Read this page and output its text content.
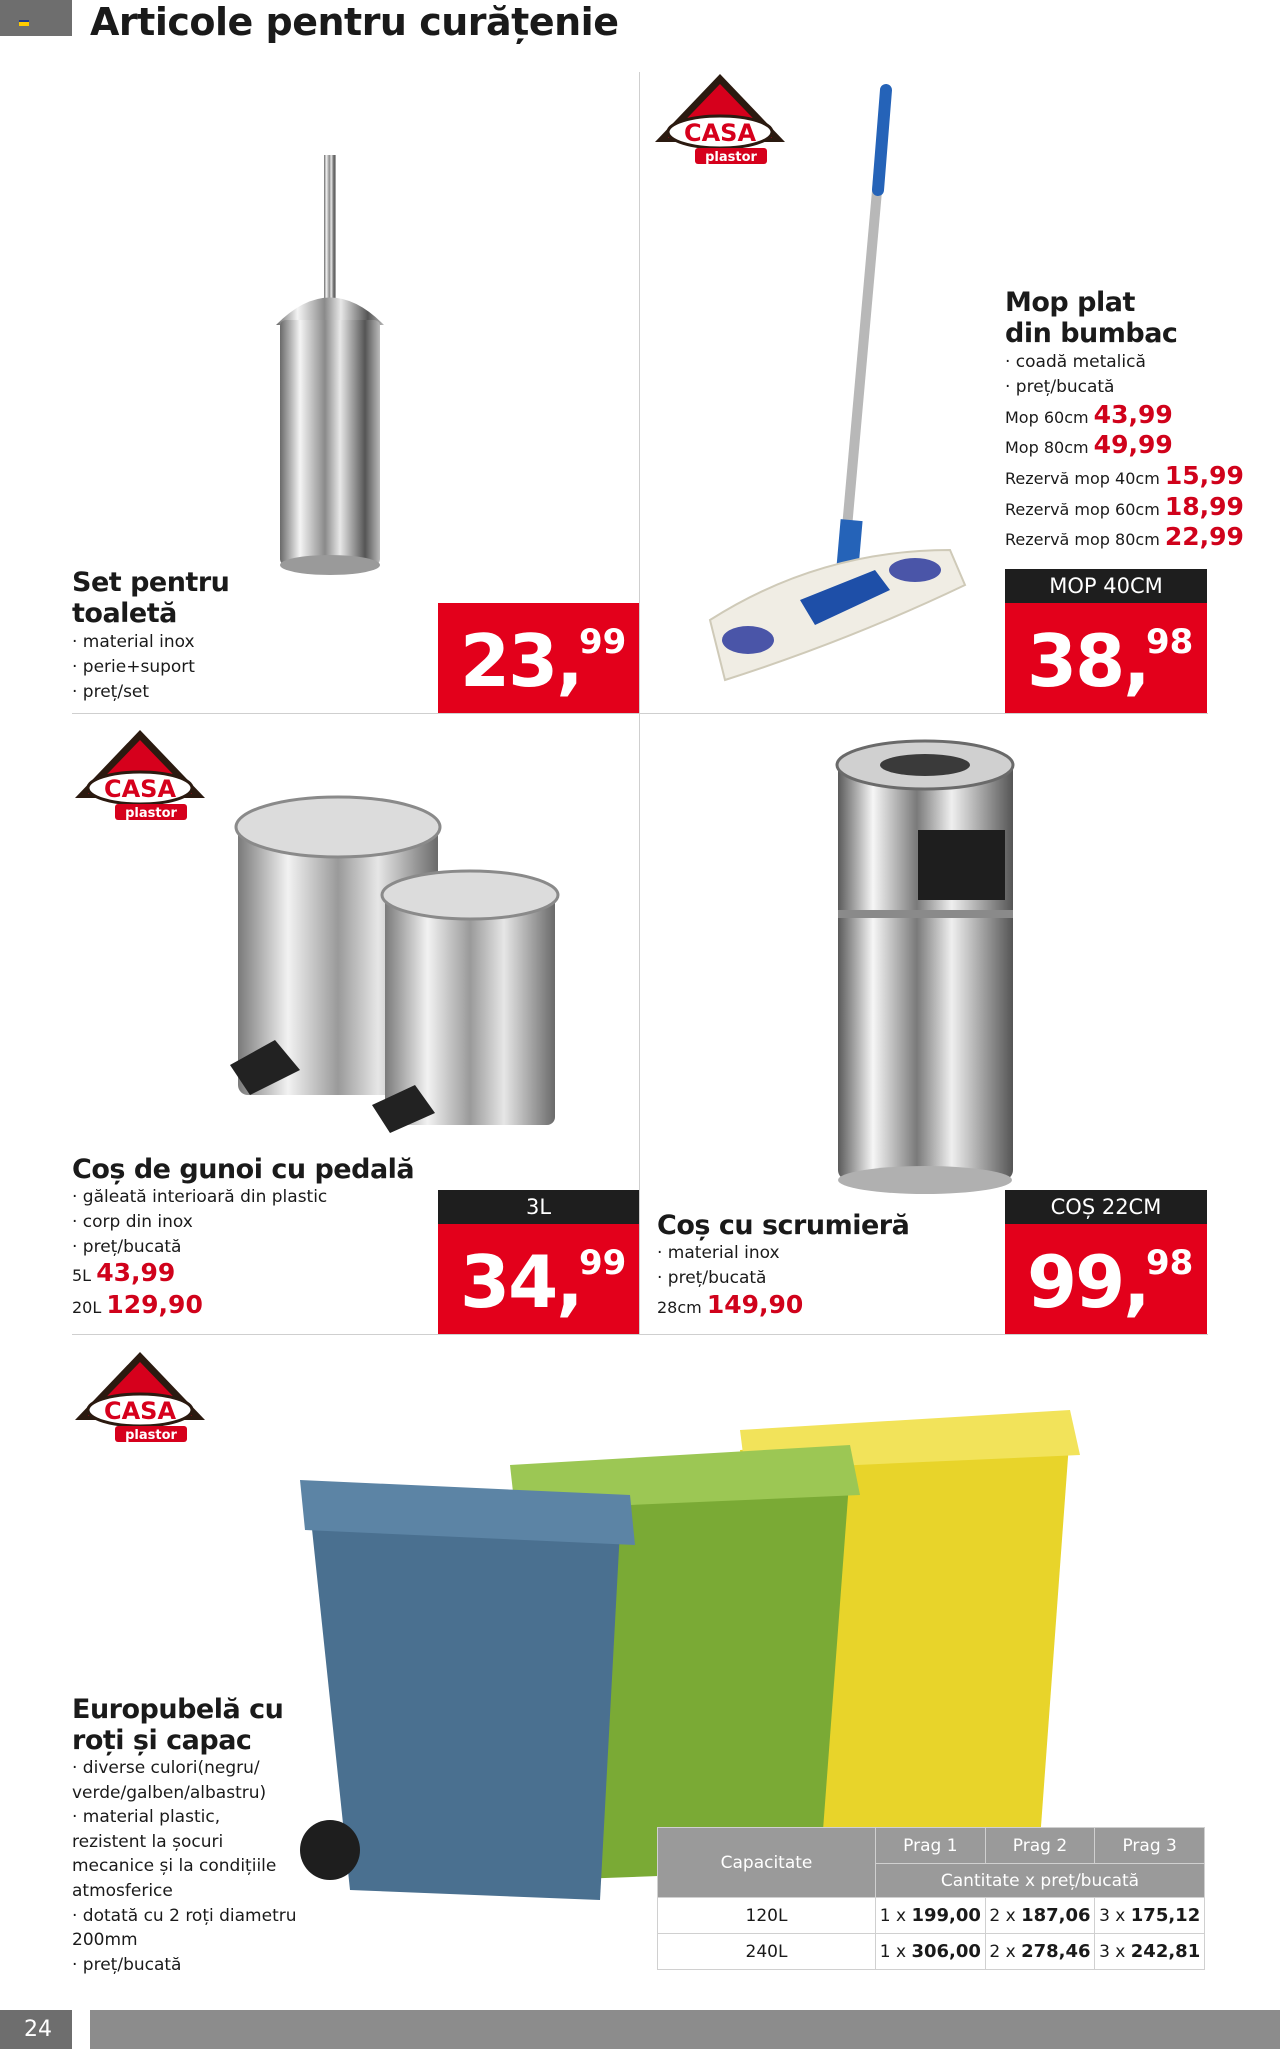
Articole pentru curățenie
Set pentru
toaletă
· material inox
· perie+suport
· preț/set	23,
99
CASA
plastor
Mop plat
din bumbac
· coadă metalică
· preț/bucată
Mop 60cm 43,99
Mop 80cm 49,99
Rezervă mop 40cm 15,99
Rezervă mop 60cm 18,99
Rezervă mop 80cm 22,99
MOP 40CM
38,
98
CASA
plastor
Coș de gunoi cu pedală
· găleată interioară din plastic
· corp din inox
· preț/bucată
5L 43,99
20L 129,90
3L
34,
99
Coș cu scrumieră
· material inox
· preț/bucată
28cm 149,90
COȘ 22CM
99,
98
CASA
plastor
Europubelă cu
roți și capac
· diverse culori(negru/
verde/galben/albastru)
· material plastic,
rezistent la șocuri
mecanice și la condițiile
atmosferice
· dotată cu 2 roți diametru
200mm
· preț/bucată
Capacitate	Prag 1	Prag 2	Prag 3
	Cantitate x preț/bucată		
120L	1 x 199,00	2 x 187,06	3 x 175,12
240L	1 x 306,00	2 x 278,46	3 x 242,81
24
